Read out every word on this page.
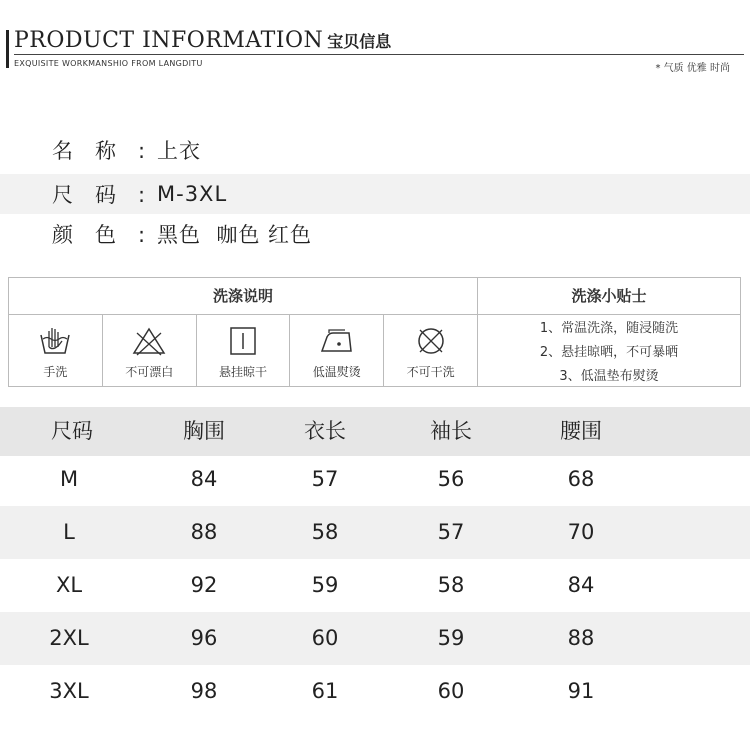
PRODUCT INFORMATION 宝贝信息
EXQUISITE WORKMANSHIO FROM LANGDITU	* 气质 优雅 时尚
名称:
上衣
尺码:
M-3XL
颜色:
黑色  咖色 红色
洗涤说明	洗涤小贴士
手洗	不可漂白	悬挂晾干	低温熨烫	不可干洗
1、常温洗涤，随浸随洗
2、悬挂晾晒，不可暴晒
3、低温垫布熨烫
尺码	胸围	衣长	袖长	腰围
M	84	57	56	68
L	88	58	57	70
XL	92	59	58	84
2XL	96	60	59	88
3XL	98	61	60	91
